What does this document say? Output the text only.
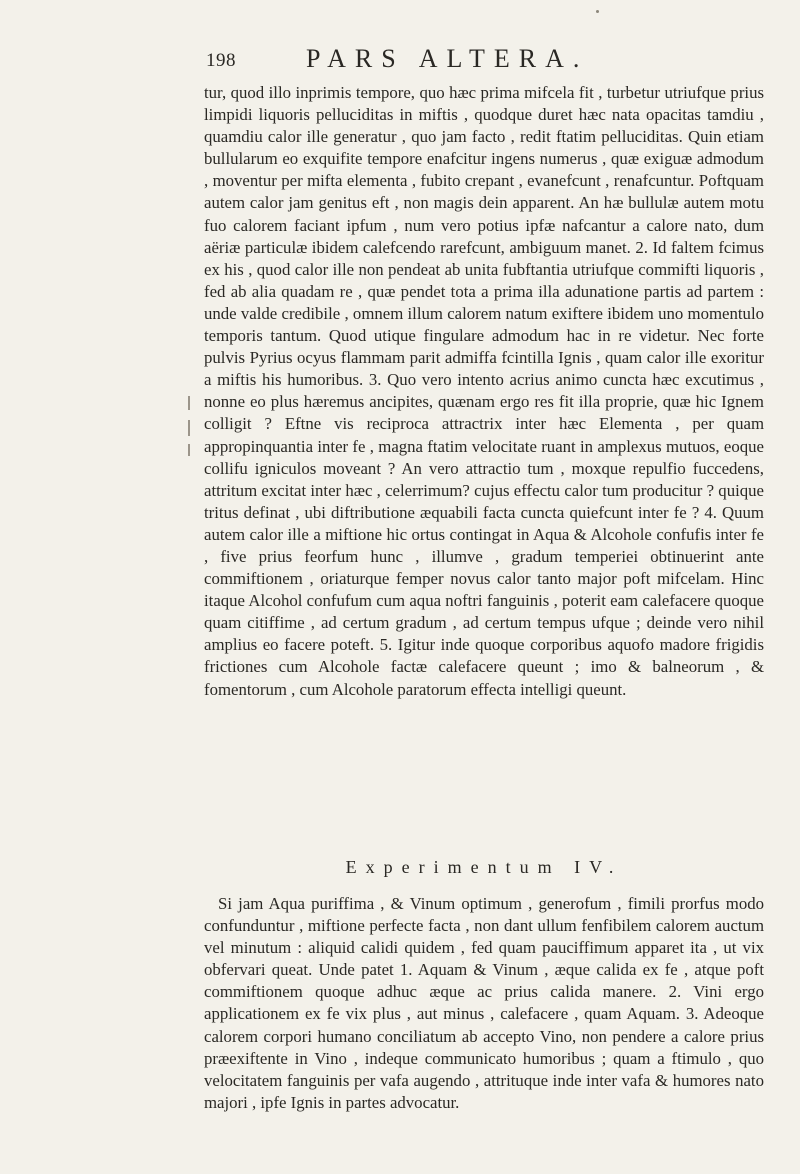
198	PARS ALTERA.

tur, quod illo inprimis tempore, quo hæc prima mifcela fit , turbetur utriufque prius limpidi liquoris pelluciditas in miftis , quodque duret hæc nata opacitas tamdiu , quamdiu calor ille generatur , quo jam facto , redit ftatim pelluciditas. Quin etiam bullularum eo exquifite tempore enafcitur ingens numerus , quæ exiguæ admodum , moventur per mifta elementa , fubito crepant , evanefcunt , renafcuntur. Poftquam autem calor jam genitus eft , non magis dein apparent. An hæ bullulæ autem motu fuo calorem faciant ipfum , num vero potius ipfæ nafcantur a calore nato, dum aëriæ particulæ ibidem calefcendo rarefcunt, ambiguum manet. 2. Id faltem fcimus ex his , quod calor ille non pendeat ab unita fubftantia utriufque commifti liquoris , fed ab alia quadam re , quæ pendet tota a prima illa adunatione partis ad partem : unde valde credibile , omnem illum calorem natum exiftere ibidem uno momentulo temporis tantum. Quod utique fingulare admodum hac in re videtur. Nec forte pulvis Pyrius ocyus flammam parit admiffa fcintilla Ignis , quam calor ille exoritur a miftis his humoribus. 3. Quo vero intento acrius animo cuncta hæc excutimus , nonne eo plus hæremus ancipites, quænam ergo res fit illa proprie, quæ hic Ignem colligit ? Eftne vis reciproca attractrix inter hæc Elementa , per quam appropinquantia inter fe , magna ftatim velocitate ruant in amplexus mutuos, eoque collifu igniculos moveant ? An vero attractio tum , moxque repulfio fuccedens, attritum excitat inter hæc , celerrimum? cujus effectu calor tum producitur ? quique tritus definat , ubi diftributione æquabili facta cuncta quiefcunt inter fe ? 4. Quum autem calor ille a miftione hic ortus contingat in Aqua & Alcohole confufis inter fe , five prius feorfum hunc , illumve , gradum temperiei obtinuerint ante commiftionem , oriaturque femper novus calor tanto major poft mifcelam. Hinc itaque Alcohol confufum cum aqua noftri fanguinis , poterit eam calefacere quoque quam citiffime , ad certum gradum , ad certum tempus ufque ; deinde vero nihil amplius eo facere poteft. 5. Igitur inde quoque corporibus aquofo madore frigidis frictiones cum Alcohole factæ calefacere queunt ; imo & balneorum , & fomentorum , cum Alcohole paratorum effecta intelligi queunt.

Experimentum IV.

Si jam Aqua puriffima , & Vinum optimum , generofum , fimili prorfus modo confunduntur , miftione perfecte facta , non dant ullum fenfibilem calorem auctum vel minutum : aliquid calidi quidem , fed quam pauciffimum apparet ita , ut vix obfervari queat. Unde patet 1. Aquam & Vinum , æque calida ex fe , atque poft commiftionem quoque adhuc æque ac prius calida manere. 2. Vini ergo applicationem ex fe vix plus , aut minus , calefacere , quam Aquam. 3. Adeoque calorem corpori humano conciliatum ab accepto Vino, non pendere a calore prius præexiftente in Vino , indeque communicato humoribus ; quam a ftimulo , quo velocitatem fanguinis per vafa augendo , attrituque inde inter vafa & humores nato majori , ipfe Ignis in partes advocatur.
